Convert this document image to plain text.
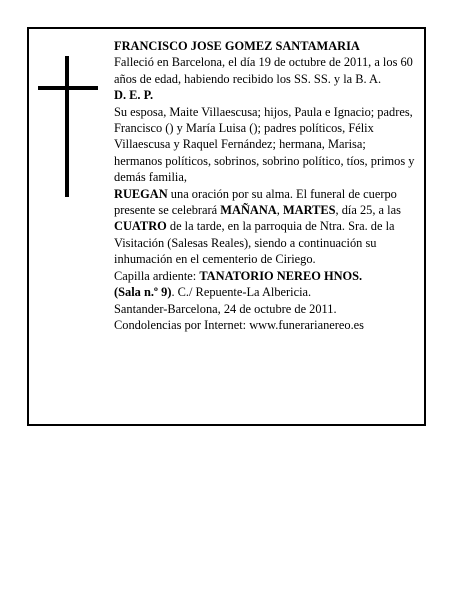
FRANCISCO JOSE GOMEZ SANTAMARIA

Falleció en Barcelona, el día 19 de octubre de 2011, a los 60 años de edad, habiendo recibido los SS. SS. y la B. A.

D. E. P.

Su esposa, Maite Villaescusa; hijos, Paula e Ignacio; padres, Francisco () y María Luisa (); padres políticos, Félix Villaescusa y Raquel Fernández; hermana, Marisa; hermanos políticos, sobrinos, sobrino político, tíos, primos y demás familia,

RUEGAN una oración por su alma. El funeral de cuerpo presente se celebrará MAÑANA, MARTES, día 25, a las CUATRO de la tarde, en la parroquia de Ntra. Sra. de la Visitación (Salesas Reales), siendo a continuación su inhumación en el cementerio de Ciriego.

Capilla ardiente: TANATORIO NEREO HNOS.
(Sala n.º 9). C./ Repuente-La Albericia.

Santander-Barcelona, 24 de octubre de 2011.

Condolencias por Internet: www.funerarianereo.es
